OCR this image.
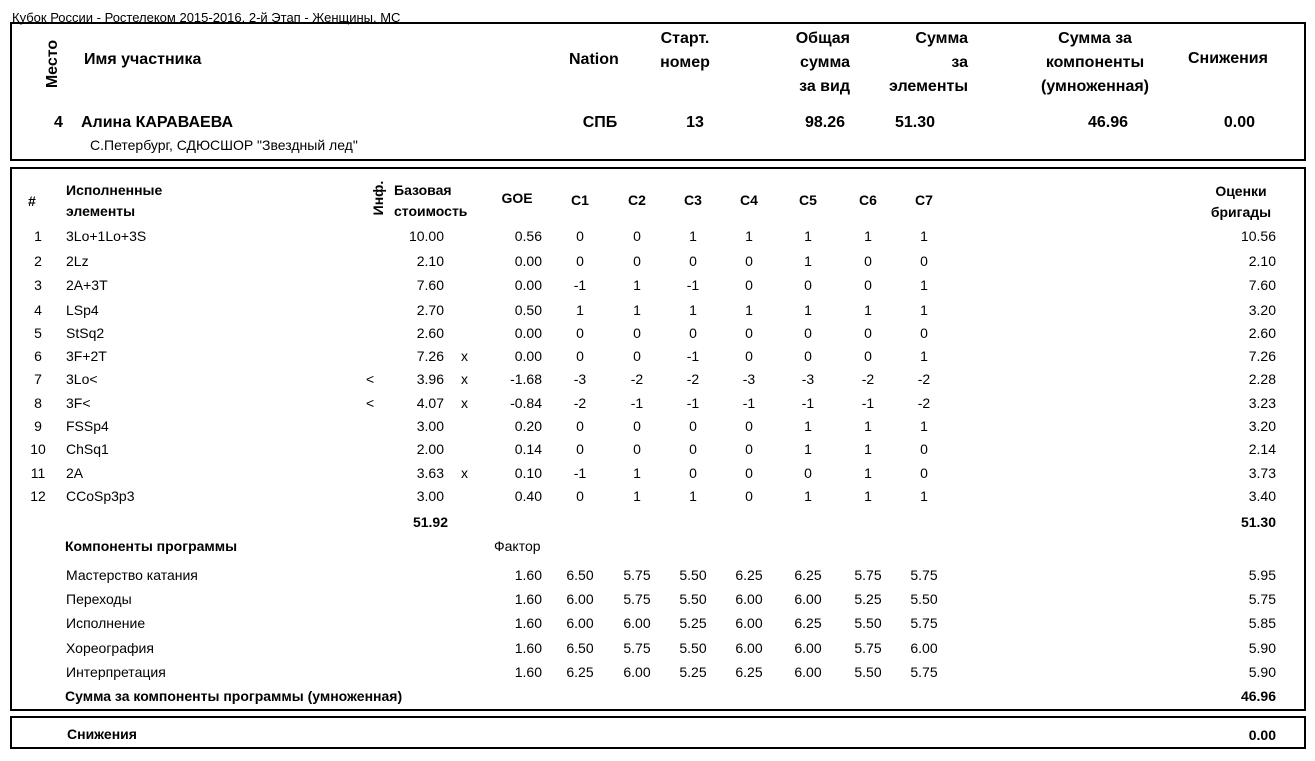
Кубок России - Ростелеком 2015-2016, 2-й Этап - Женщины, МС
Место Имя участника	Nation
Старт.
номер
Общая
сумма
за вид
Сумма
за
элементы
Сумма за
компоненты
(умноженная)
Снижения
4 Алина КАРАВАЕВА
С.Петербург, СДЮСШОР "Звездный лед"
СПБ	13	98.26	51.30	46.96	0.00
#
Исполненные
элементы	Инф. Базовая
стоимость
GOE	C1	C2	C3	C4	C5	C6	C7
Оценки
бригады
1	3Lo+1Lo+3S	10.00	0.56	0	0	1	1	1	1	1	10.56
2	2Lz	2.10	0.00	0	0	0	0	1	0	0	2.10
3	2A+3T	7.60	0.00	-1	1	-1	0	0	0	1	7.60
4	LSp4	2.70	0.50	1	1	1	1	1	1	1	3.20
5	StSq2	2.60	0.00	0	0	0	0	0	0	0	2.60
6	3F+2T	7.26 x	0.00	0	0	-1	0	0	0	1	7.26
7	3Lo<	<	3.96 x	-1.68	-3	-2	-2	-3	-3	-2	-2	2.28
8	3F<	<	4.07 x	-0.84	-2	-1	-1	-1	-1	-1	-2	3.23
9	FSSp4	3.00	0.20	0	0	0	0	1	1	1	3.20
10	ChSq1	2.00	0.14	0	0	0	0	1	1	0	2.14
11	2A	3.63 x	0.10	-1	1	0	0	0	1	0	3.73
12	CCoSp3p3	3.00	0.40	0	1	1	0	1	1	1	3.40
51.92	51.30
Компоненты программы	Фактор
Мастерство катания	1.60	6.50	5.75	5.50	6.25	6.25	5.75	5.75	5.95
Переходы	1.60	6.00	5.75	5.50	6.00	6.00	5.25	5.50	5.75
Исполнение	1.60	6.00	6.00	5.25	6.00	6.25	5.50	5.75	5.85
Хореография	1.60	6.50	5.75	5.50	6.00	6.00	5.75	6.00	5.90
Интерпретация	1.60	6.25	6.00	5.25	6.25	6.00	5.50	5.75	5.90
Сумма за компоненты программы (умноженная)	46.96
Снижения	0.00
